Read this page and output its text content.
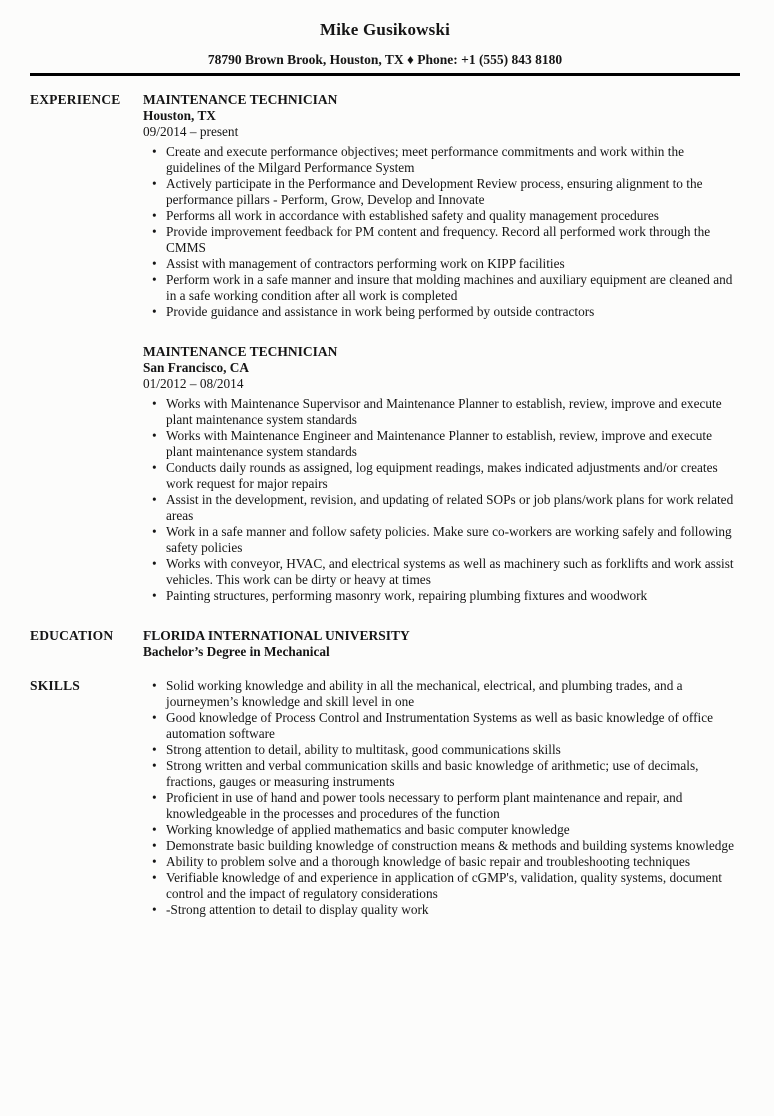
Mike Gusikowski
78790 Brown Brook, Houston, TX ♦ Phone: +1 (555) 843 8180
EXPERIENCE	MAINTENANCE TECHNICIAN
Houston, TX
09/2014 – present
• Create and execute performance objectives; meet performance commitments and work within the guidelines of the Milgard Performance System
• Actively participate in the Performance and Development Review process, ensuring alignment to the performance pillars - Perform, Grow, Develop and Innovate
• Performs all work in accordance with established safety and quality management procedures
• Provide improvement feedback for PM content and frequency. Record all performed work through the CMMS
• Assist with management of contractors performing work on KIPP facilities
• Perform work in a safe manner and insure that molding machines and auxiliary equipment are cleaned and in a safe working condition after all work is completed
• Provide guidance and assistance in work being performed by outside contractors
MAINTENANCE TECHNICIAN
San Francisco, CA
01/2012 – 08/2014
• Works with Maintenance Supervisor and Maintenance Planner to establish, review, improve and execute plant maintenance system standards
• Works with Maintenance Engineer and Maintenance Planner to establish, review, improve and execute plant maintenance system standards
• Conducts daily rounds as assigned, log equipment readings, makes indicated adjustments and/or creates work request for major repairs
• Assist in the development, revision, and updating of related SOPs or job plans/work plans for work related areas
• Work in a safe manner and follow safety policies. Make sure co-workers are working safely and following safety policies
• Works with conveyor, HVAC, and electrical systems as well as machinery such as forklifts and work assist vehicles. This work can be dirty or heavy at times
• Painting structures, performing masonry work, repairing plumbing fixtures and woodwork
EDUCATION	FLORIDA INTERNATIONAL UNIVERSITY
Bachelor’s Degree in Mechanical
SKILLS	• Solid working knowledge and ability in all the mechanical, electrical, and plumbing trades, and a journeymen’s knowledge and skill level in one
• Good knowledge of Process Control and Instrumentation Systems as well as basic knowledge of office automation software
• Strong attention to detail, ability to multitask, good communications skills
• Strong written and verbal communication skills and basic knowledge of arithmetic; use of decimals, fractions, gauges or measuring instruments
• Proficient in use of hand and power tools necessary to perform plant maintenance and repair, and knowledgeable in the processes and procedures of the function
• Working knowledge of applied mathematics and basic computer knowledge
• Demonstrate basic building knowledge of construction means & methods and building systems knowledge
• Ability to problem solve and a thorough knowledge of basic repair and troubleshooting techniques
• Verifiable knowledge of and experience in application of cGMP's, validation, quality systems, document control and the impact of regulatory considerations
• -Strong attention to detail to display quality work
